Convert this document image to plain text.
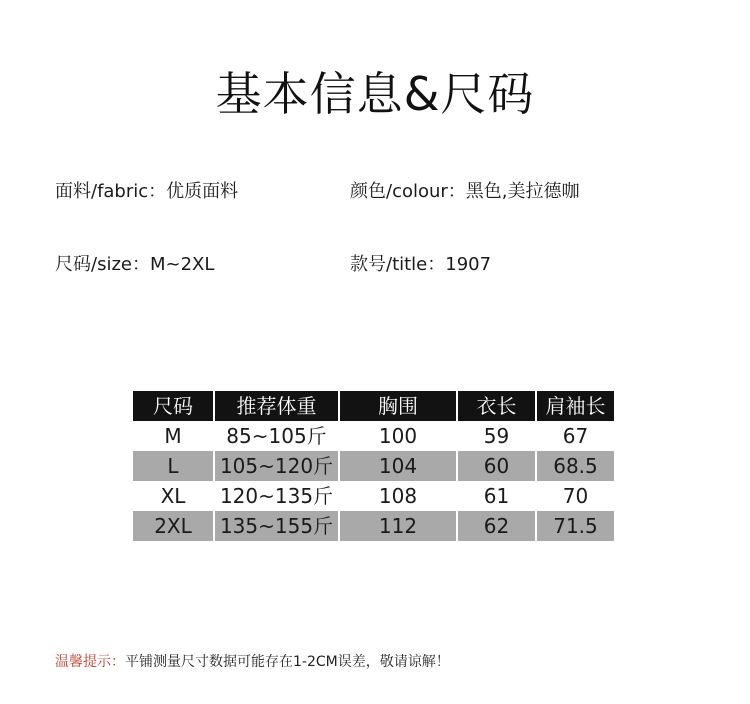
基本信息&尺码
面料/fabric：优质面料	颜色/colour：黑色,美拉德咖
尺码/size：M~2XL	款号/title：1907
尺码	推荐体重	胸围	衣长	肩袖长
M	85~105斤	100	59	67
L	105~120斤	104	60	68.5
XL	120~135斤	108	61	70
2XL	135~155斤	112	62	71.5
温馨提示：平铺测量尺寸数据可能存在1-2CM误差，敬请谅解！
